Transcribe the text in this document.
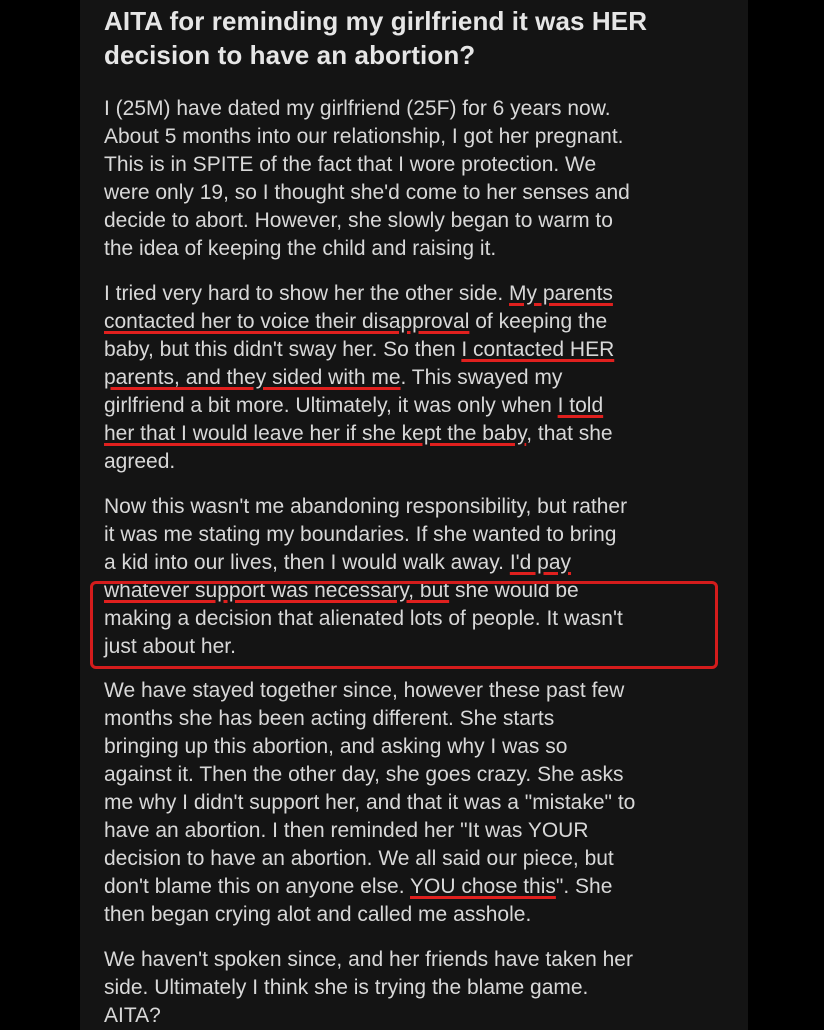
AITA for reminding my girlfriend it was HER
decision to have an abortion?
I (25M) have dated my girlfriend (25F) for 6 years now.
About 5 months into our relationship, I got her pregnant.
This is in SPITE of the fact that I wore protection. We
were only 19, so I thought she'd come to her senses and
decide to abort. However, she slowly began to warm to
the idea of keeping the child and raising it.
I tried very hard to show her the other side. My parents
contacted her to voice their disapproval of keeping the
baby, but this didn't sway her. So then I contacted HER
parents, and they sided with me. This swayed my
girlfriend a bit more. Ultimately, it was only when I told
her that I would leave her if she kept the baby, that she
agreed.
Now this wasn't me abandoning responsibility, but rather
it was me stating my boundaries. If she wanted to bring
a kid into our lives, then I would walk away. I'd pay
whatever support was necessary, but she would be
making a decision that alienated lots of people. It wasn't
just about her.
We have stayed together since, however these past few
months she has been acting different. She starts
bringing up this abortion, and asking why I was so
against it. Then the other day, she goes crazy. She asks
me why I didn't support her, and that it was a "mistake" to
have an abortion. I then reminded her "It was YOUR
decision to have an abortion. We all said our piece, but
don't blame this on anyone else. YOU chose this". She
then began crying alot and called me asshole.
We haven't spoken since, and her friends have taken her
side. Ultimately I think she is trying the blame game.
AITA?
